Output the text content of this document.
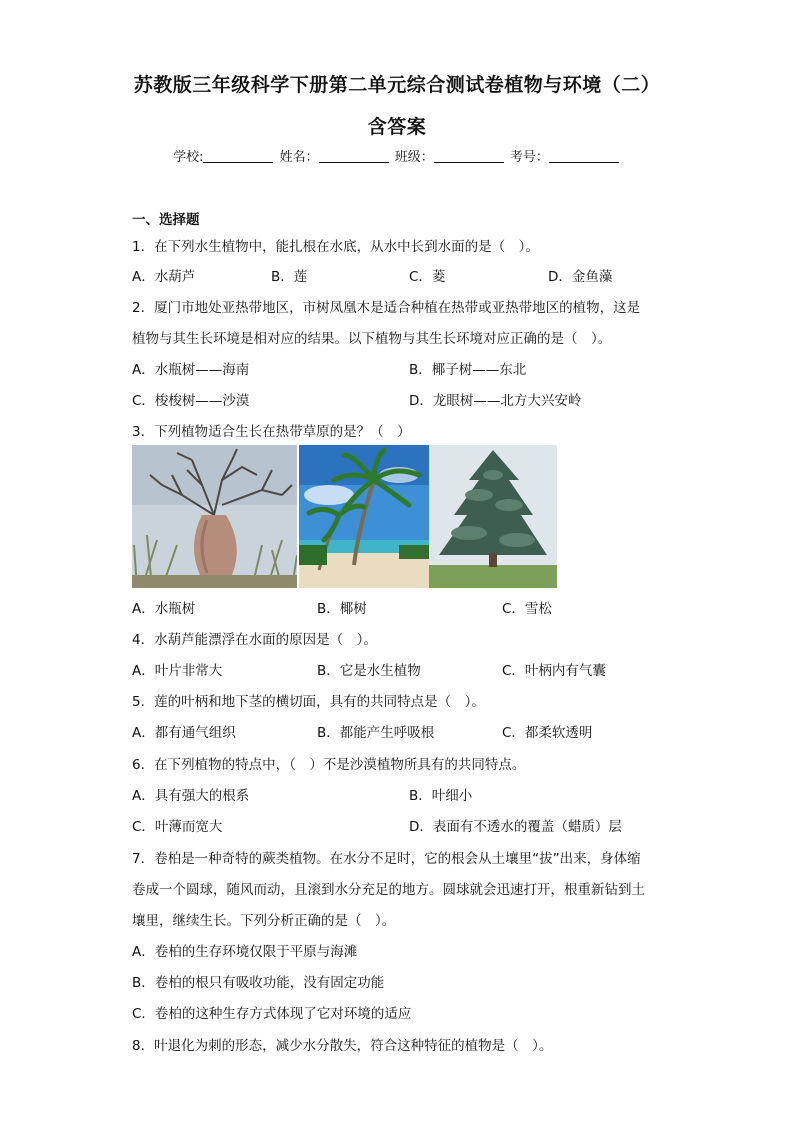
苏教版三年级科学下册第二单元综合测试卷植物与环境（二）
含答案
学校:	姓名：	班级：	考号：
一、选择题
1．在下列水生植物中，能扎根在水底，从水中长到水面的是（　）。
A．水葫芦	B．莲	C．菱	D．金鱼藻
2．厦门市地处亚热带地区，市树凤凰木是适合种植在热带或亚热带地区的植物，这是
植物与其生长环境是相对应的结果。以下植物与其生长环境对应正确的是（　）。
A．水瓶树——海南	B．椰子树——东北
C．梭梭树——沙漠	D．龙眼树——北方大兴安岭
3．下列植物适合生长在热带草原的是？（　）
A．水瓶树	B．椰树	C．雪松
4．水葫芦能漂浮在水面的原因是（　）。
A．叶片非常大	B．它是水生植物	C．叶柄内有气囊
5．莲的叶柄和地下茎的横切面，具有的共同特点是（　）。
A．都有通气组织	B．都能产生呼吸根	C．都柔软透明
6．在下列植物的特点中，（　）不是沙漠植物所具有的共同特点。
A．具有强大的根系	B．叶细小
C．叶薄而宽大	D．表面有不透水的覆盖（蜡质）层
7．卷柏是一种奇特的蕨类植物。在水分不足时，它的根会从土壤里“拔”出来，身体缩
卷成一个圆球，随风而动，且滚到水分充足的地方。圆球就会迅速打开，根重新钻到土
壤里，继续生长。下列分析正确的是（　）。
A．卷柏的生存环境仅限于平原与海滩
B．卷柏的根只有吸收功能，没有固定功能
C．卷柏的这种生存方式体现了它对环境的适应
8．叶退化为刺的形态，减少水分散失，符合这种特征的植物是（　）。
